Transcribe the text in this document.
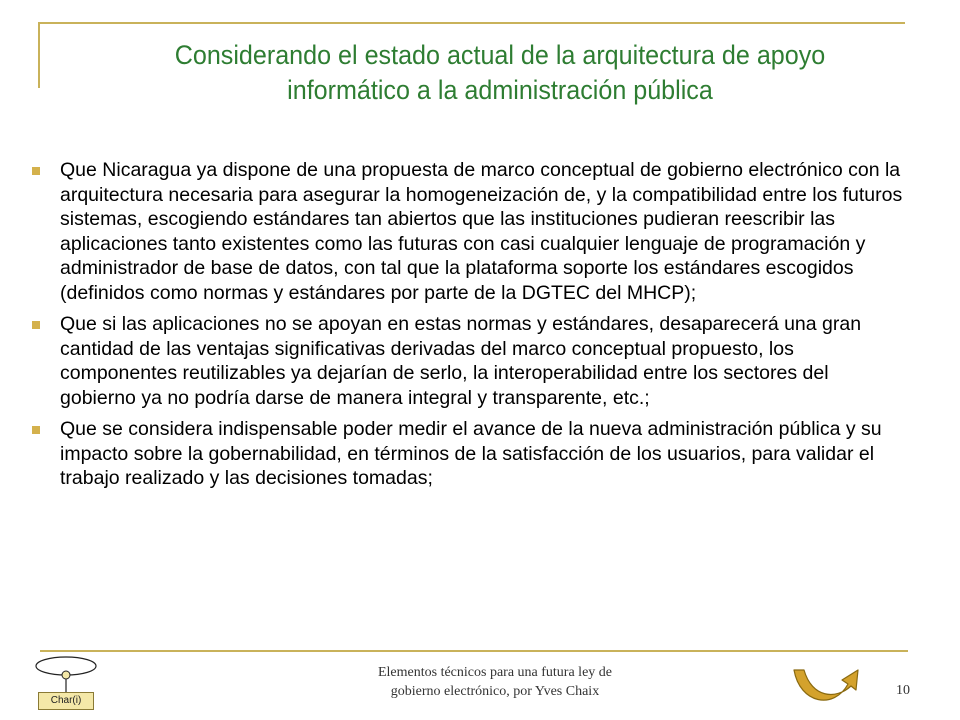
Considerando el estado actual de la arquitectura de apoyo
informático a la administración pública
Que Nicaragua ya dispone de una propuesta de marco conceptual de gobierno electrónico con la arquitectura necesaria para asegurar la homogeneización de, y la compatibilidad entre los futuros sistemas, escogiendo estándares tan abiertos que las instituciones pudieran reescribir las aplicaciones tanto existentes como las futuras con casi cualquier lenguaje de programación y administrador de base de datos, con tal que la plataforma soporte los estándares escogidos (definidos como normas y estándares por parte de la DGTEC del MHCP);
Que si las aplicaciones no se apoyan en estas normas y estándares, desaparecerá una gran cantidad de las ventajas significativas derivadas del marco conceptual propuesto, los componentes reutilizables ya dejarían de serlo, la interoperabilidad entre los sectores del gobierno ya no podría darse de manera integral y transparente, etc.;
Que se considera indispensable poder medir el avance de la nueva administración pública y su impacto sobre la gobernabilidad, en términos de la satisfacción de los usuarios, para validar el trabajo realizado y las decisiones tomadas;
Char(i)
Elementos técnicos para una futura ley de
gobierno electrónico, por Yves Chaix	10
